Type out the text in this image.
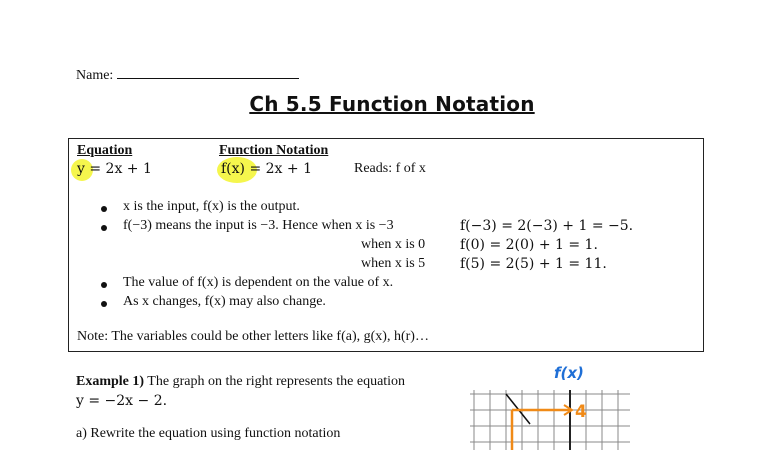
Name:
Ch 5.5 Function Notation
Equation	Function Notation
y = 2x + 1	f(x) = 2x + 1	Reads: f of x
x is the input, f(x) is the output.
f(−3) means the input is −3. Hence when x is −3	f(−3) = 2(−3) + 1 = −5.
when x is 0 f(0) = 2(0) + 1 = 1.
when x is 5 f(5) = 2(5) + 1 = 11.
The value of f(x) is dependent on the value of x.
As x changes, f(x) may also change.
Note: The variables could be other letters like f(a), g(x), h(r)…
Example 1) The graph on the right represents the equation
y = −2x − 2.
a) Rewrite the equation using function notation
f(x)
4
